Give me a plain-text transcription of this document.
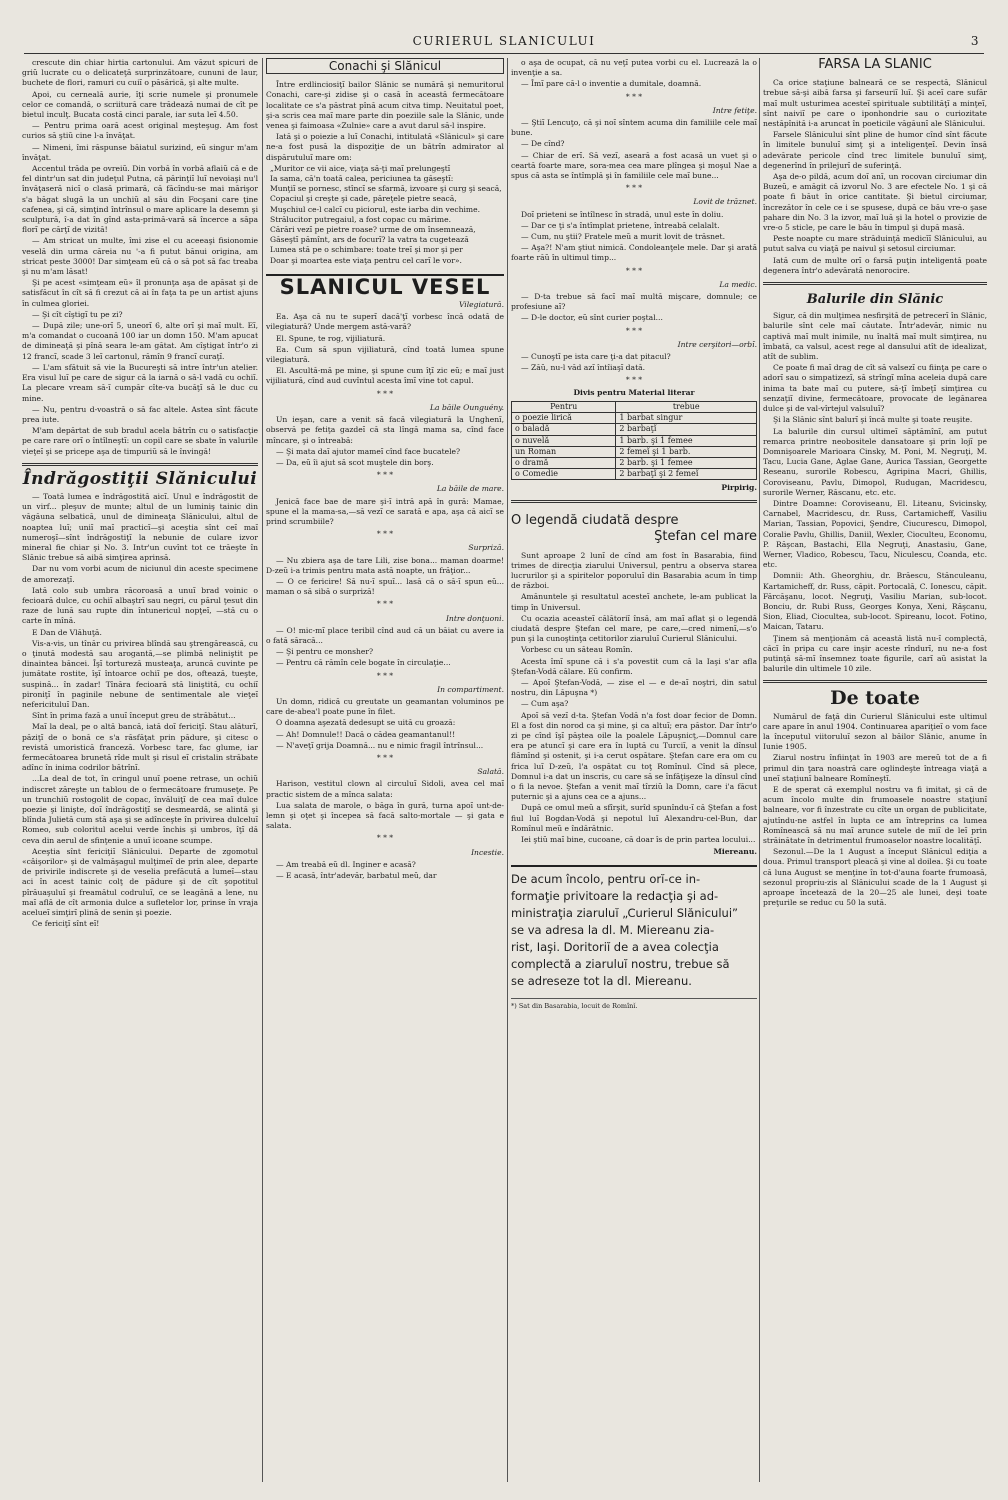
CURIERUL SLANICULUI	3

crescute din chiar hirtia cartonului. Am văzut spicuri de griŭ lucrate cu o delicateţă surprinzătoare, cununi de laur, buchete de flori, ramuri cu cuiĭ o păsărică, şi alte multe.

Apoi, cu cerneală aurie, îţi scrie numele şi pronumele celor ce comandă, o scriitură care trădează numai de cît pe bietul inculţ. Bucata costă cinci parale, iar suta leĭ 4.50.

— Pentru prima oară acest original meşteşug. Am fost curios să ştiŭ cine l-a învăţat.

— Nimeni, îmi răspunse băiatul surizind, eŭ singur m'am învăţat.

Accentul trăda pe ovreiŭ. Din vorbă în vorbă aflaiŭ că e de fel dintr'un sat din judeţul Putna, că părinţiĭ luĭ nevoiaşi nu'l învăţaseră nicĭ o clasă primară, că făcîndu-se mai mărişor s'a băgat slugă la un unchiŭ al său din Focşani care ţine cafenea, şi că, simţind întrînsul o mare aplicare la desemn şi sculptură, î-a dat în gînd asta-primă-vară să încerce a săpa florĭ pe cărţĭ de vizită!

— Am stricat un multe, îmi zise el cu aceeaşi fisionomie veselă din urma căreia nu '-a fi putut bănui origina, am stricat peste 3000! Dar simţeam eŭ că o să pot să fac treaba şi nu m'am lăsat!

Şi pe acest «simţeam eŭ» îl pronunţa aşa de apăsat şi de satisfăcut în cît să fi crezut că ai în faţa ta pe un artist ajuns în culmea gloriei.

— Şi cît cîştigĭ tu pe zi?

— După zile; une-orĭ 5, uneorĭ 6, alte orĭ şi maĭ mult. Eĭ, m'a comandat o cucoană 100 iar un domn 150. M'am apucat de dimineaţă şi pînă seara le-am gătat. Am cîştigat într'o zi 12 francĭ, scade 3 leĭ cartonul, rămîn 9 francĭ curaţĭ.

— L'am sfătuit să vie la Bucureşti să intre într'un atelier. Era visul luĭ pe care de sigur că la iarnă o să-l vadă cu ochiĭ. La plecare vream să-ĭ cumpăr cîte-va bucăţĭ să le duc cu mine.

— Nu, pentru d-voastră o să fac altele. Astea sînt făcute prea iute.

M'am depărtat de sub bradul acela bătrîn cu o satisfacţie pe care rare orĭ o întîlneştĭ: un copil care se sbate în valurile vieţeĭ şi se pricepe aşa de timpuriŭ să le învingă!

Îndrăgostiţii Slănicului

— Toată lumea e îndrăgostită aicĭ. Unul e îndrăgostit de un virf... pleşuv de munte; altul de un luminiş tainic din văgăuna selbatică, unul de dimineaţa Slănicului, altul de noaptea luĭ; uniĭ maĭ practicĭ—şi aceştia sînt ceĭ maĭ numeroşĭ—sînt îndrăgostiţĭ la nebunie de culare izvor mineral fie chiar şi No. 3. Intr'un cuvînt tot ce trăeşte în Slănic trebue să aibă simţirea aprinsă.

Dar nu vom vorbi acum de niciunul din aceste specimene de amorezaţĭ.

Iată colo sub umbra răcoroasă a unuĭ brad voinic o fecioară dulce, cu ochiĭ albaştrĭ sau negri, cu părul ţesut din raze de lună sau rupte din întunericul nopţeĭ, —stă cu o carte în mînă.

E Dan de Vlăhuţă.

Vis-a-vis, un tînăr cu privirea blîndă sau ştrengărească, cu o ţinută modestă sau arogantă,—se plimbă neliniştit pe dinaintea băncei. Îşĭ tortureză musteaţa, aruncă cuvinte pe jumătate rostite, îşĭ întoarce ochiĭ pe dos, oftează, tueşte, suspină... în zadar! Tînăra fecioară stă liniştită, cu ochiĭ pironiţĭ în paginile nebune de sentimentale ale vieţeĭ nefericituluĭ Dan.

Sînt în prima fază a unuĭ început greu de străbătut...

Maĭ la deal, pe o altă bancă, iată doĭ fericiţĭ. Stau alăturĭ, păziţĭ de o bonă ce s'a răsfăţat prin pădure, şi citesc o revistă umoristică franceză. Vorbesc tare, fac glume, iar fermecătoarea brunetă rîde mult şi risul eĭ cristalin străbate adînc în inima codrilor bătrînĭ.

...La deal de tot, în cringul unuĭ poene retrase, un ochiŭ indiscret zăreşte un tablou de o fermecătoare frumuseţe. Pe un trunchiŭ rostogolit de copac, învăluiţĭ de cea maĭ dulce poezie şi linişte, doĭ îndrăgostiţĭ se desmeardă, se alintă şi blînda Julietă cum stă aşa şi se adînceşte în privirea dulceluĭ Romeo, sub coloritul acelui verde închis şi umbros, îţĭ dă ceva din aerul de sfinţenie a unuĭ icoane scumpe.

Aceştia sînt fericiţiĭ Slănicului. Departe de zgomotul «câişorilor» şi de valmăşagul mulţimeĭ de prin alee, departe de privirile indiscrete şi de veselia prefăcută a lumeĭ—stau aci în acest tainic colţ de pădure şi de cît şopotitul pîrăuaşuluĭ şi freamătul codruluĭ, ce se leagănă a lene, nu maĭ află de cît armonia dulce a sufletelor lor, prinse în vraja acelueĭ simţirĭ plină de senin şi poezie.

Ce fericiţĭ sînt eĭ!

Conachi şi Slănicul

Între erdlinciosiţĭ bailor Slănic se numără şi nemuritorul Conachi, care-şi zidise şi o casă în această fermecătoare localitate ce s'a păstrat pînă acum citva timp. Neuitatul poet, şi-a scris cea maĭ mare parte din poeziile sale la Slănic, unde venea şi faimoasa «Zulnie» care a avut darul să-l inspire.

Iată şi o poiezie a luĭ Conachi, intitulată «Slănicul» şi care ne-a fost pusă la dispoziţie de un bătrîn admirator al dispărutuluĭ mare om:

„Muritor ce vii aice, viaţa să-ţi maĭ prelungeştĭ
Ia sama, că'n toată calea, periciunea ta găseştĭ:
Munţiĭ se pornesc, stîncĭ se sfarmă, izvoare şi curg şi seacă,
Copaciul şi creşte şi cade, păreţele pietre seacă,
Muşchiul ce-l calcĭ cu piciorul, este iarba din vechime.
Strălucitor putregaiul, a fost copac cu mărime.
Cărări vezĭ pe pietre roase? urme de om însemnează,
Găseştĭ pămînt, ars de focurĭ? la vatra ta cugetează
Lumea stă pe o schimbare: toate treĭ şi mor şi per
Doar şi moartea este viaţa pentru cel carĭ le vor».
SLANICUL VESEL
Vilegiatură.

Ea. Aşa că nu te superĭ dacă'ţĭ vorbesc încă odată de vilegiatură? Unde mergem astă-vară?

El. Spune, te rog, vijiliatură.

Ea. Cum să spun vijiliatură, cînd toată lumea spune vilegiatură.

El. Ascultă-mă pe mine, şi spune cum îţĭ zic eŭ; e maĭ just vijiliatură, cînd aud cuvîntul acesta îmĭ vine tot capul.

* * *
La băile Ounguény.

Un ieşan, care a venit să facă vilegiatură la Unghenĭ, observă pe fetiţa gazdeĭ că sta lîngă mama sa, cînd face mîncare, şi o întreabă:

— Şi mata daĭ ajutor mameĭ cînd face bucatele?

— Da, eŭ îi ajut să scot muştele din borş.

* * *
La băile de mare.

Jenică face bae de mare şi-ĭ intră apă în gură: Mamae, spune el la mama-sa,—să vezĭ ce sarată e apa, aşa că aicĭ se prind scrumbiile?

* * *
Surpriză.

— Nu zbiera aşa de tare Lili, zise bona... maman doarme! D-zeŭ i-a trimis pentru mata astă noapte, un frăţior...

— O ce fericire! Să nu-ĭ spuĭ... lasă că o să-ĭ spun eŭ... maman o să sibă o surpriză!

* * *
Intre donţuoni.

— O! mic-mĭ place teribil cînd aud că un băiat cu avere ia o fată săracă...

— Şi pentru ce monsher?

— Pentru că rămîn cele bogate în circulaţie...

* * *
In compartiment.

Un domn, ridică cu greutate un geamantan voluminos pe care de-abea'l poate pune în filet.

O doamna aşezată dedesupt se uită cu groază:

— Ah! Domnule!! Dacă o cădea geamantanul!!

— N'aveţĭ grija Doamnă... nu e nimic fragil întrînsul...

* * *
Salată.

Harison, vestitul clown al circuluĭ Sidoli, avea cel maĭ practic sistem de a mînca salata:

Lua salata de marole, o băga în gură, turna apoĭ unt-de-lemn şi oţet şi începea să facă salto-mortale — şi gata e salata.

* * *
Incestie.

— Am treabă eŭ dl. Inginer e acasă?

— E acasă, într'adevăr, barbatul meŭ, dar

o aşa de ocupat, că nu veţĭ putea vorbi cu el. Lucrează la o invenţie a sa.

— Îmĭ pare că-l o inventie a dumitale, doamnă.

* * *
Intre fetiţe.

— Ştiĭ Lencuţo, că şi noĭ sîntem acuma din familiile cele maĭ bune.

— De cînd?

— Chiar de erĭ. Să vezĭ, aseară a fost acasă un vuet şi o ceartă foarte mare, sora-mea cea mare plîngea şi moşul Nae a spus că asta se întîmplă şi în familiile cele maĭ bune...

* * *
Lovit de trăznet.

Doĭ prieteni se întîlnesc în stradă, unul este în doliu.

— Dar ce ţi s'a întîmplat prietene, întreabă celalalt.

— Cum, nu ştii? Fratele meŭ a murit lovit de trăsnet.

— Aşa?! N'am ştiut nimică. Condoleanţele mele. Dar şi arată foarte răŭ în ultimul timp...

* * *
La medic.

— D-ta trebue să facĭ maĭ multă mişcare, domnule; ce profesiune aĭ?

— D-le doctor, eŭ sînt curier poştal...

* * *
Intre cerşitori—orbĭ.

— Cunoştĭ pe ista care ţi-a dat pitacul?

— Zăŭ, nu-l văd azĭ întîiaşĭ dată.

* * *
Divis pentru Material literar
Pentru	trebue
o poezie lirică	1 barbat singur
o baladă	2 barbaţĭ
o nuvelă	1 barb. şi 1 femee
un Roman	2 femeĭ şi 1 barb.
o dramă	2 barb. şi 1 femee
o Comedie	2 barbaţĭ şi 2 femeĭ
Pirpirig.
O legendă ciudată despre
Ştefan cel mare

Sunt aproape 2 lunĭ de cînd am fost în Basarabia, fiind trimes de direcţia ziarului Universul, pentru a observa starea lucrurilor şi a spiritelor poporuluĭ din Basarabia acum în timp de război.

Amănuntele şi resultatul acesteĭ anchete, le-am publicat la timp în Universul.

Cu ocazia aceasteĭ călătoriĭ însă, am maĭ aflat şi o legendă ciudată despre Ştefan cel mare, pe care,—cred nimenĭ,—s'o pun şi la cunoştinţa cetitorilor ziaruluĭ Curierul Slănicului.

Vorbesc cu un săteau Romîn.

Acesta îmĭ spune că i s'a povestit cum că la Iaşi s'ar afla Ştefan-Vodă călare. Eŭ confirm.

— Apoĭ Ştefan-Vodă, — zise el — e de-aĭ noştri, din satul nostru, din Lăpuşna *)

— Cum aşa?

Apoĭ să vezĭ d-ta. Ştefan Vodă n'a fost doar fecior de Domn. El a fost din norod ca şi mine, şi ca altuĭ; era păstor. Dar într'o zi pe cînd îşĭ păştea oile la poalele Lăpuşnicţ,—Domnul care era pe atuncĭ şi care era în luptă cu Turciĭ, a venit la dînsul flămînd şi ostenit, şi i-a cerut ospătare. Ştefan care era om cu frica luĭ D-zeŭ, l'a ospătat cu toţ Romînul. Cînd să plece, Domnul i-a dat un inscris, cu care să se înfăţişeze la dînsul cînd o fi la nevoe. Ştefan a venit maĭ tîrziŭ la Domn, care i'a făcut puternic şi a ajuns cea ce a ajuns...

După ce omul meŭ a sfîrşit, surîd spunîndu-ĭ că Ştefan a fost fiul luĭ Bogdan-Vodă şi nepotul luĭ Alexandru-cel-Bun, dar Romînul meŭ e îndărătnic.

Iei ştiŭ maĭ bine, cucoane, că doar îs de prin partea locului...

Miereanu.
De acum încolo, pentru orĭ-ce in-
formaţie privitoare la redacţia şi ad-
ministraţia ziaruluĭ „Curierul Slănicului”
se va adresa la dl. M. Miereanu zia-
rist, Iaşi. Doritoriĭ de a avea colecţia
complectă a ziaruluĭ nostru, trebue să
se adreseze tot la dl. Miereanu.
*) Sat din Basarabia, locuit de Romînĭ.
FARSA LA SLANIC

Ca orice staţiune balneară ce se respectă, Slănicul trebue să-şi aibă farsa şi farseuriĭ luĭ. Şi aceĭ care sufăr maĭ mult usturimea acesteĭ spirituale subtilităţĭ a minţeĭ, sînt naiviĭ pe care o iponhondrie sau o curiozitate nestăpînită i-a aruncat în poeticile văgăunĭ ale Slănicului.

Farsele Slănicului sînt pline de humor cînd sînt făcute în limitele bunuluĭ simţ şi a inteligenţeĭ. Devin însă adevărate pericole cînd trec limitele bunuluĭ simţ, degenerînd în prilejurĭ de suferinţă.

Aşa de-o pildă, acum doĭ anĭ, un rocovan circiumar din Buzeŭ, e amăgit că izvorul No. 3 are efectele No. 1 şi că poate fi băut în orice cantitate. Şi bietul circiumar, încrezător în cele ce i se spusese, după ce bău vre-o şase pahare din No. 3 la izvor, maĭ luă şi la hotel o provizie de vre-o 5 sticle, pe care le bău în timpul şi după masă.

Peste noapte cu mare străduinţă medicĭĭ Slănicului, au putut salva cu viaţă pe naivul şi setosul circiumar.

Iată cum de multe orĭ o farsă puţin inteligentă poate degenera într'o adevărată nenorocire.

Balurile din Slănic

Sigur, că din mulţimea nesfirşită de petrecerĭ în Slănic, balurile sînt cele maĭ căutate. Într'adevăr, nimic nu captivă maĭ mult inimile, nu înaltă maĭ mult simţirea, nu îmbată, ca valsul, acest rege al dansului atît de idealizat, atît de sublim.

Ce poate fi maĭ drag de cît să valsezĭ cu fiinţa pe care o adorĭ sau o simpatizezĭ, să strîngĭ mîna aceleia după care inima ta bate maĭ cu putere, să-ţĭ îmbeţĭ simţirea cu senzaţiĭ divine, fermecătoare, provocate de legănarea dulce şi de val-vîrtejul valsuluĭ?

Şi la Slănic sînt balurĭ şi încă multe şi toate reuşite.

La balurile din cursul ultimeĭ săptămînĭ, am putut remarca printre neobositele dansatoare şi prin lojĭ pe Domnişoarele Marioara Cinsky, M. Poni, M. Negruţi, M. Tacu, Lucia Gane, Aglae Gane, Aurica Tassian, Georgette Reseanu, surorile Robescu, Agripina Macri, Ghillis, Coroviseanu, Pavlu, Dimopol, Rudugan, Macridescu, surorile Werner, Răscanu, etc. etc.

Dintre Doamne: Coroviseanu, El. Liteanu, Svicinsky, Carnabel, Macridescu, dr. Russ, Cartamicheff, Vasiliu Marian, Tassian, Popovici, Şendre, Ciucurescu, Dimopol, Coralie Pavlu, Ghillis, Daniil, Wexler, Cioculteu, Economu, P. Răşcan, Bastachi, Ella Negruţi, Anastasiu, Gane, Werner, Vladico, Robescu, Tacu, Niculescu, Coanda, etc. etc.

Domnii: Ath. Gheorghiu, dr. Brăescu, Stănculeanu, Kartamicheff, dr. Russ, căpit. Portocală, C. Ionescu, căpit. Fărcăşanu, locot. Negruţi, Vasiliu Marian, sub-locot. Bonciu, dr. Rubi Russ, Georges Konya, Xeni, Răşcanu, Sion, Eliad, Ciocultea, sub-locot. Spireanu, locot. Fotino, Maican, Tataru.

Ţinem să menţionăm că această listă nu-ĭ complectă, căcĭ în pripa cu care inşir aceste rîndurĭ, nu ne-a fost putinţă să-mĭ însemnez toate figurile, carĭ aŭ asistat la balurile din ultimele 10 zile.

De toate

Numărul de faţă din Curierul Slănicului este ultimul care apare în anul 1904. Continuarea apariţieĭ o vom face la începutul viitoruluĭ sezon al băilor Slănic, anume în Iunie 1905.

Ziarul nostru înfiinţat în 1903 are mereŭ tot de a fi primul din ţara noastră care oglindeşte întreaga viaţă a uneĭ staţiunĭ balneare Romîneştĭ.

E de sperat că exemplul nostru va fi imitat, şi că de acum încolo multe din frumoasele noastre staţiunĭ balneare, vor fi înzestrate cu cîte un organ de publicitate, ajutîndu-ne astfel în lupta ce am întreprins ca lumea Romînească să nu maĭ arunce sutele de miĭ de leĭ prin străinătate în detrimentul frumoaselor noastre localităţĭ.

Sezonul.—De la 1 August a început Slănicul ediţia a doua. Primul transport pleacă şi vine al doilea. Şi cu toate că luna August se menţine în tot-d'auna foarte frumoasă, sezonul propriu-zis al Slănicului scade de la 1 August şi aproape încetează de la 20—25 ale lunei, deşi toate preţurile se reduc cu 50 la sută.
